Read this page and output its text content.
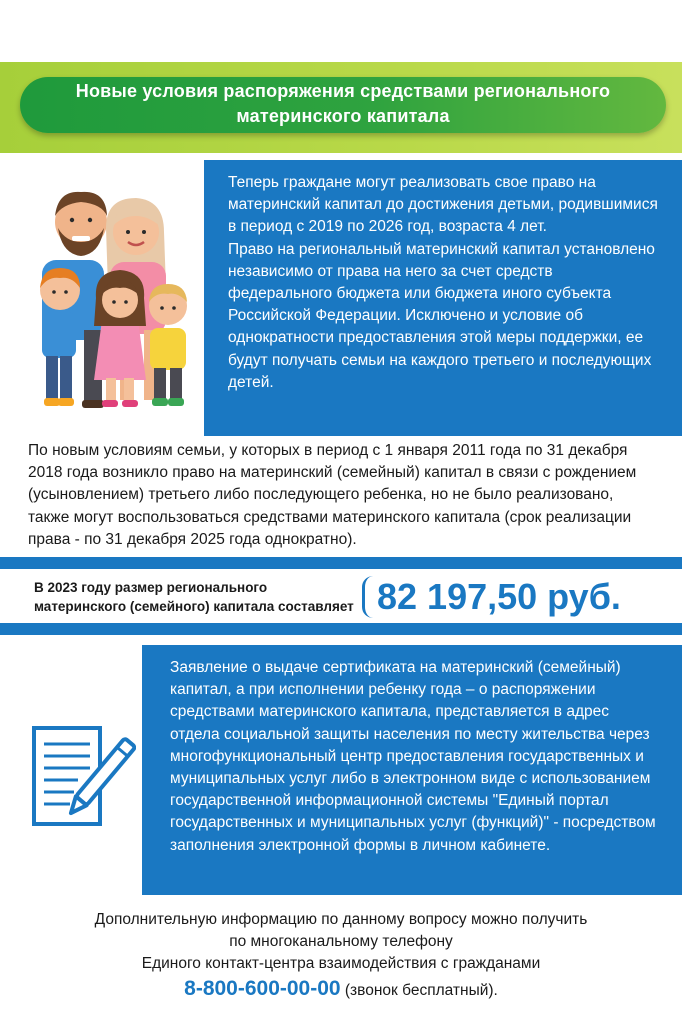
Новые условия распоряжения средствами регионального
материнского капитала

Теперь граждане могут реализовать свое право на материнский капитал до достижения детьми, родившимися в период с 2019 по 2026 год, возраста 4 лет.

Право на региональный материнский капитал установлено независимо от права на него за счет средств федерального бюджета или бюджета иного субъекта Российской Федерации. Исключено и условие об однократности предоставления этой меры поддержки, ее будут получать семьи на каждого третьего и последующих детей.

По новым условиям семьи, у которых в период с 1 января 2011 года по 31 декабря 2018 года возникло право на материнский (семейный) капитал в связи с рождением (усыновлением) третьего либо последующего ребенка, но не было реализовано, также могут воспользоваться средствами материнского капитала (срок реализации права - по 31 декабря 2025 года однократно).
В 2023 году размер регионального
материнского (семейного) капитала составляет 82 197,50 руб.
Заявление о выдаче сертификата на материнский (семейный) капитал, а при исполнении ребенку года – о распоряжении средствами материнского капитала, представляется в адрес отдела социальной защиты населения по месту жительства через многофункциональный центр предоставления государственных и муниципальных услуг либо в электронном виде с использованием государственной информационной системы "Единый портал государственных и муниципальных услуг (функций)" - посредством заполнения электронной формы в личном кабинете.
Дополнительную информацию по данному вопросу можно получить
по многоканальному телефону
Единого контакт-центра взаимодействия с гражданами
8-800-600-00-00 (звонок бесплатный).
